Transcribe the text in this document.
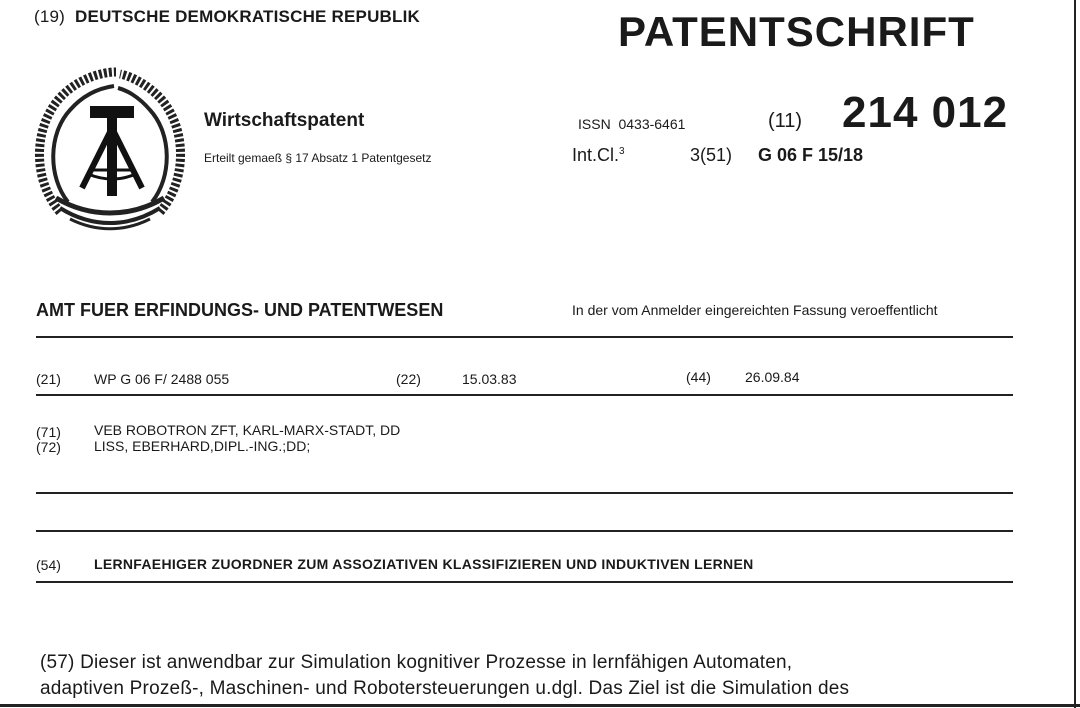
(19) DEUTSCHE DEMOKRATISCHE REPUBLIK	PATENTSCHRIFT
Wirtschaftspatent
Erteilt gemaeß § 17 Absatz 1 Patentgesetz
ISSN 0433-6461	(11) 214 012
Int.Cl.$^3$	3(51) G 06 F 15/18
AMT FUER ERFINDUNGS- UND PATENTWESEN	In der vom Anmelder eingereichten Fassung veroeffentlicht
(21) WP G 06 F/ 2488 055	(22)	15.03.83	(44) 26.09.84
(71) VEB ROBOTRON ZFT, KARL-MARX-STADT, DD
(72) LISS, EBERHARD,DIPL.-ING.;DD;
(54) LERNFAEHIGER ZUORDNER ZUM ASSOZIATIVEN KLASSIFIZIEREN UND INDUKTIVEN LERNEN
(57) Dieser ist anwendbar zur Simulation kognitiver Prozesse in lernfähigen Automaten,
adaptiven Prozeß-, Maschinen- und Robotersteuerungen u.dgl. Das Ziel ist die Simulation des
